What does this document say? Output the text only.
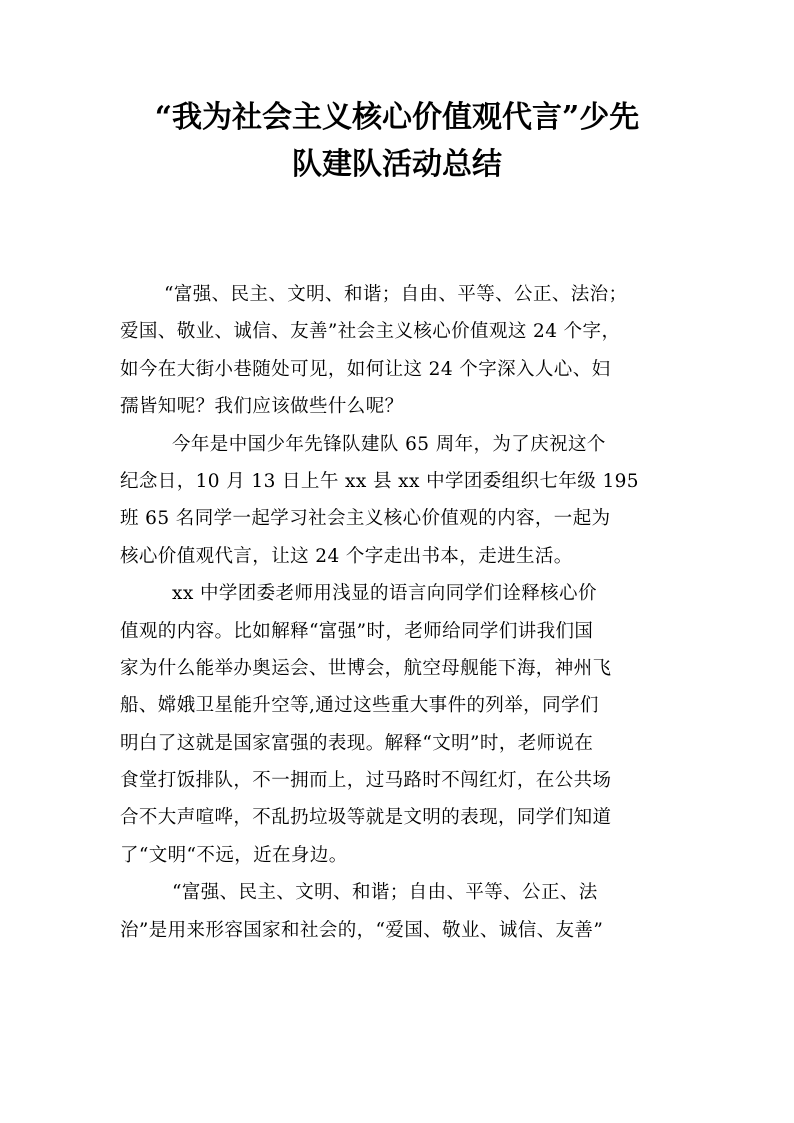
“我为社会主义核心价值观代言”少先
队建队活动总结

“富强、民主、文明、和谐；自由、平等、公正、法治；
爱国、敬业、诚信、友善”社会主义核心价值观这 24 个字，
如今在大街小巷随处可见，如何让这 24 个字深入人心、妇
孺皆知呢？我们应该做些什么呢？

今年是中国少年先锋队建队 65 周年，为了庆祝这个
纪念日，10 月 13 日上午 xx 县 xx 中学团委组织七年级 195
班 65 名同学一起学习社会主义核心价值观的内容，一起为
核心价值观代言，让这 24 个字走出书本，走进生活。

xx 中学团委老师用浅显的语言向同学们诠释核心价
值观的内容。比如解释“富强”时，老师给同学们讲我们国
家为什么能举办奥运会、世博会，航空母舰能下海，神州飞
船、嫦娥卫星能升空等,通过这些重大事件的列举，同学们
明白了这就是国家富强的表现。解释“文明”时，老师说在
食堂打饭排队，不一拥而上，过马路时不闯红灯，在公共场
合不大声喧哗，不乱扔垃圾等就是文明的表现，同学们知道
了“文明“不远，近在身边。

“富强、民主、文明、和谐；自由、平等、公正、法
治”是用来形容国家和社会的，“爱国、敬业、诚信、友善”
